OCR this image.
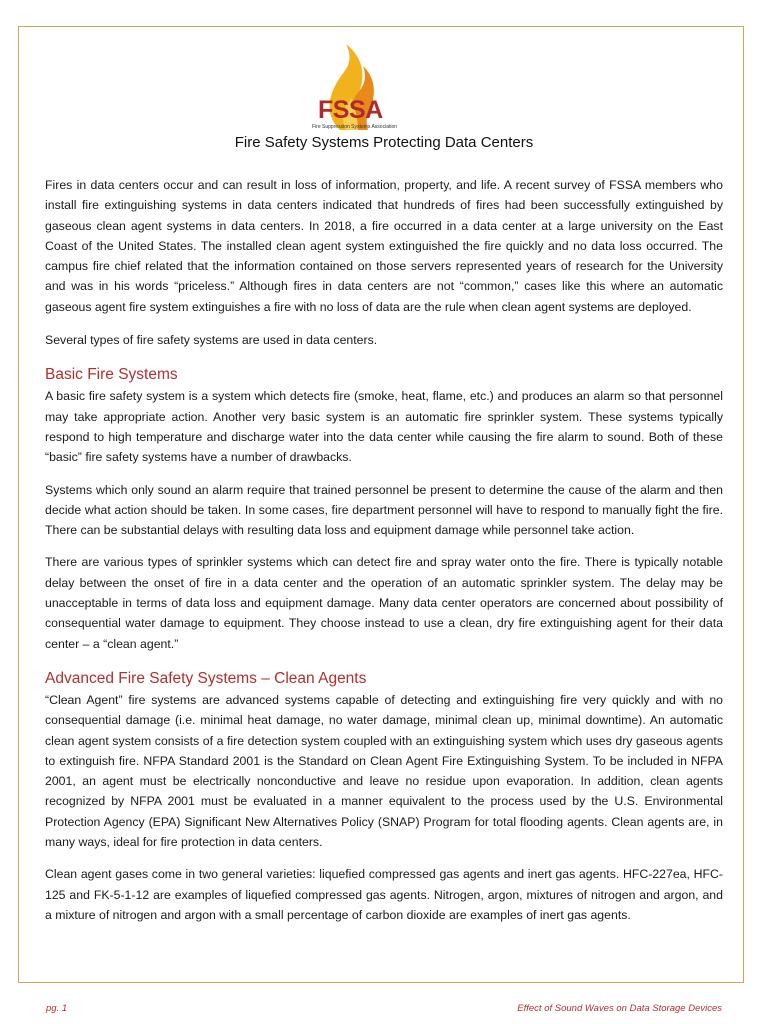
FSSA
Fire Suppression Systems Association
Fire Safety Systems Protecting Data Centers

Fires in data centers occur and can result in loss of information, property, and life. A recent survey of FSSA members who install fire extinguishing systems in data centers indicated that hundreds of fires had been successfully extinguished by gaseous clean agent systems in data centers. In 2018, a fire occurred in a data center at a large university on the East Coast of the United States. The installed clean agent system extinguished the fire quickly and no data loss occurred. The campus fire chief related that the information contained on those servers represented years of research for the University and was in his words “priceless.” Although fires in data centers are not “common,” cases like this where an automatic gaseous agent fire system extinguishes a fire with no loss of data are the rule when clean agent systems are deployed.

Several types of fire safety systems are used in data centers.

Basic Fire Systems

A basic fire safety system is a system which detects fire (smoke, heat, flame, etc.) and produces an alarm so that personnel may take appropriate action. Another very basic system is an automatic fire sprinkler system. These systems typically respond to high temperature and discharge water into the data center while causing the fire alarm to sound. Both of these “basic” fire safety systems have a number of drawbacks.

Systems which only sound an alarm require that trained personnel be present to determine the cause of the alarm and then decide what action should be taken. In some cases, fire department personnel will have to respond to manually fight the fire. There can be substantial delays with resulting data loss and equipment damage while personnel take action.

There are various types of sprinkler systems which can detect fire and spray water onto the fire. There is typically notable delay between the onset of fire in a data center and the operation of an automatic sprinkler system. The delay may be unacceptable in terms of data loss and equipment damage. Many data center operators are concerned about possibility of consequential water damage to equipment. They choose instead to use a clean, dry fire extinguishing agent for their data center – a “clean agent.”

Advanced Fire Safety Systems – Clean Agents

“Clean Agent” fire systems are advanced systems capable of detecting and extinguishing fire very quickly and with no consequential damage (i.e. minimal heat damage, no water damage, minimal clean up, minimal downtime). An automatic clean agent system consists of a fire detection system coupled with an extinguishing system which uses dry gaseous agents to extinguish fire. NFPA Standard 2001 is the Standard on Clean Agent Fire Extinguishing System. To be included in NFPA 2001, an agent must be electrically nonconductive and leave no residue upon evaporation. In addition, clean agents recognized by NFPA 2001 must be evaluated in a manner equivalent to the process used by the U.S. Environmental Protection Agency (EPA) Significant New Alternatives Policy (SNAP) Program for total flooding agents. Clean agents are, in many ways, ideal for fire protection in data centers.

Clean agent gases come in two general varieties: liquefied compressed gas agents and inert gas agents. HFC-227ea, HFC-125 and FK-5-1-12 are examples of liquefied compressed gas agents. Nitrogen, argon, mixtures of nitrogen and argon, and a mixture of nitrogen and argon with a small percentage of carbon dioxide are examples of inert gas agents.

pg. 1	Effect of Sound Waves on Data Storage Devices
